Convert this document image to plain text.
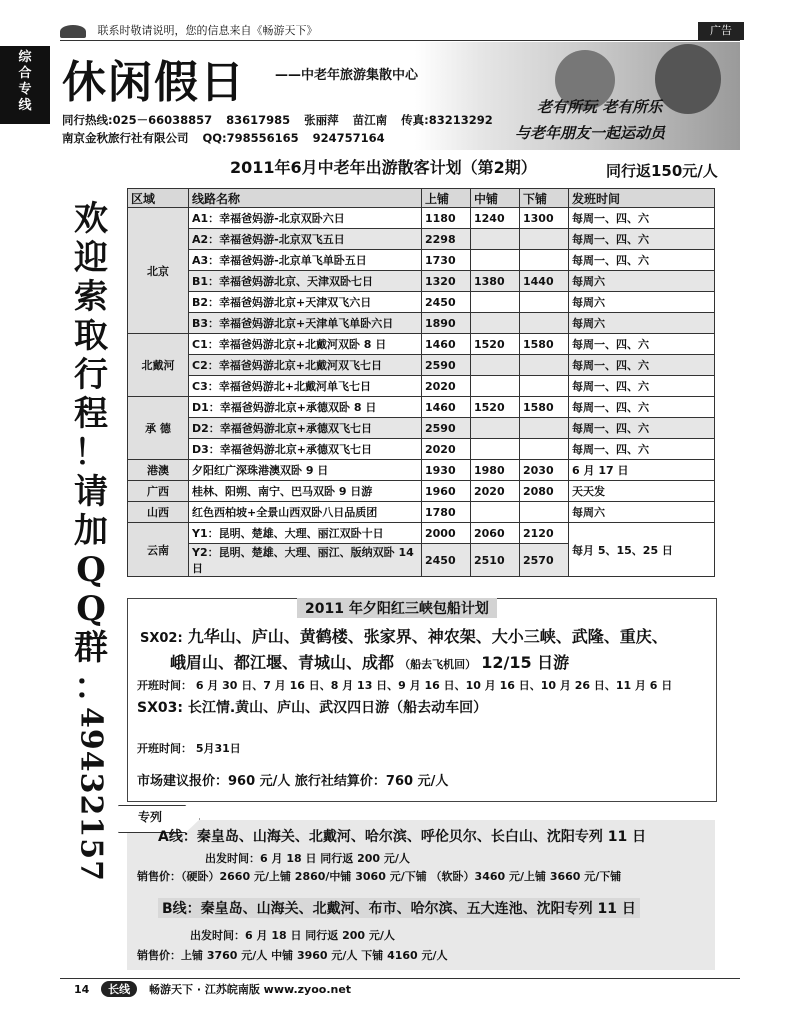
联系时敬请说明，您的信息来自《畅游天下》	广告
综
合
专
线	老有所玩 老有所乐
与老年朋友一起运动员
休闲假日 ——中老年旅游集散中心
同行热线:025－66038857 83617985 张丽萍 苗江南 传真:83213292
南京金秋旅行社有限公司 QQ:798556165 924757164
2011年6月中老年出游散客计划（第2期）	同行返150元/人
欢
迎
索
取
行
程
！
请
加
Q
Q
群
：
49432157
区域	线路名称	上铺	中铺	下铺	发班时间
北京	A1：幸福爸妈游-北京双卧六日	1180	1240	1300	每周一、四、六
	A2：幸福爸妈游-北京双飞五日	2298			每周一、四、六
	A3：幸福爸妈游-北京单飞单卧五日	1730			每周一、四、六
	B1：幸福爸妈游北京、天津双卧七日	1320	1380	1440	每周六
	B2：幸福爸妈游北京+天津双飞六日	2450			每周六
	B3：幸福爸妈游北京+天津单飞单卧六日	1890			每周六
北戴河	C1：幸福爸妈游北京+北戴河双卧 8 日	1460	1520	1580	每周一、四、六
	C2：幸福爸妈游北京+北戴河双飞七日	2590			每周一、四、六
	C3：幸福爸妈游北+北戴河单飞七日	2020			每周一、四、六
承 德	D1：幸福爸妈游北京+承德双卧 8 日	1460	1520	1580	每周一、四、六
	D2：幸福爸妈游北京+承德双飞七日	2590			每周一、四、六
	D3：幸福爸妈游北京+承德双飞七日	2020			每周一、四、六
港澳	夕阳红广深珠港澳双卧 9 日	1930	1980	2030	6 月 17 日
广西	桂林、阳朔、南宁、巴马双卧 9 日游	1960	2020	2080	天天发
山西	红色西柏坡+全景山西双卧八日品质团	1780			每周六
云南	Y1：昆明、楚雄、大理、丽江双卧十日	2000	2060	2120	每月 5、15、25 日
	Y2：昆明、楚雄、大理、丽江、版纳双卧 14 日	2450	2510	2570	
2011 年夕阳红三峡包船计划
SX02: 九华山、庐山、黄鹤楼、张家界、神农架、大小三峡、武隆、重庆、
峨眉山、都江堰、青城山、成都 （船去飞机回） 12/15 日游
开班时间： 6 月 30 日、7 月 16 日、8 月 13 日、9 月 16 日、10 月 16 日、10 月 26 日、11 月 6 日
SX03: 长江情.黄山、庐山、武汉四日游（船去动车回）
开班时间： 5月31日
市场建议报价：960 元/人 旅行社结算价：760 元/人
专列
A线：秦皇岛、山海关、北戴河、哈尔滨、呼伦贝尔、长白山、沈阳专列 11 日
出发时间：6 月 18 日 同行返 200 元/人
销售价：（硬卧）2660 元/上铺 2860/中铺 3060 元/下铺 （软卧）3460 元/上铺 3660 元/下铺
B线：秦皇岛、山海关、北戴河、布市、哈尔滨、五大连池、沈阳专列 11 日
出发时间：6 月 18 日 同行返 200 元/人
销售价：上铺 3760 元/人 中铺 3960 元/人 下铺 4160 元/人
14 长线 畅游天下 · 江苏皖南版 www.zyoo.net
